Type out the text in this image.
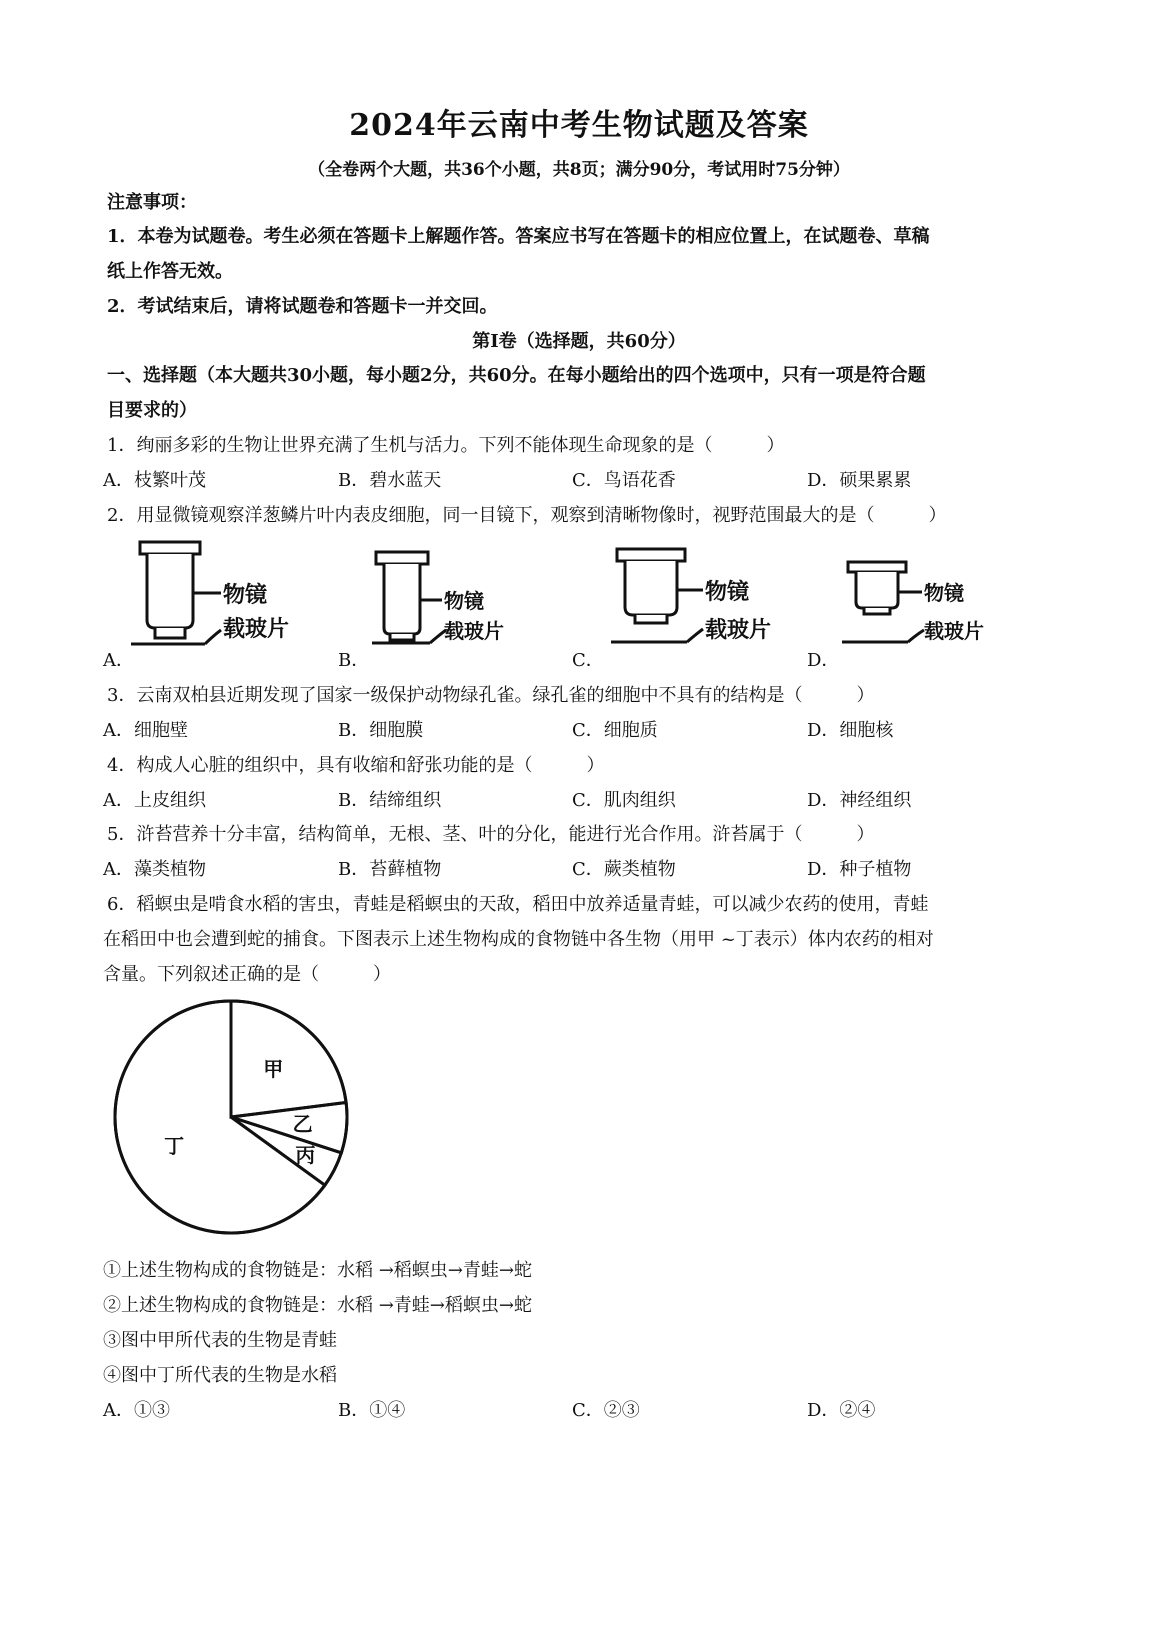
2024年云南中考生物试题及答案
（全卷两个大题，共36个小题，共8页；满分90分，考试用时75分钟）
注意事项：
1．本卷为试题卷。考生必须在答题卡上解题作答。答案应书写在答题卡的相应位置上，在试题卷、草稿
纸上作答无效。
2．考试结束后，请将试题卷和答题卡一并交回。
第Ⅰ卷（选择题，共60分）
一、选择题（本大题共30小题，每小题2分，共60分。在每小题给出的四个选项中，只有一项是符合题
目要求的）
1．绚丽多彩的生物让世界充满了生机与活力。下列不能体现生命现象的是（　　　）
A．枝繁叶茂	B．碧水蓝天	C．鸟语花香	D．硕果累累
2．用显微镜观察洋葱鳞片叶内表皮细胞，同一目镜下，观察到清晰物像时，视野范围最大的是（　　　）
物镜
载玻片
A．
物镜
载玻片
B．
物镜
载玻片
C．
物镜
载玻片
D．
3．云南双柏县近期发现了国家一级保护动物绿孔雀。绿孔雀的细胞中不具有的结构是（　　　）
A．细胞壁	B．细胞膜	C．细胞质	D．细胞核
4．构成人心脏的组织中，具有收缩和舒张功能的是（　　　）
A．上皮组织	B．结缔组织	C．肌肉组织	D．神经组织
5．浒苔营养十分丰富，结构简单，无根、茎、叶的分化，能进行光合作用。浒苔属于（　　　）
A．藻类植物	B．苔藓植物	C．蕨类植物	D．种子植物
6．稻螟虫是啃食水稻的害虫，青蛙是稻螟虫的天敌，稻田中放养适量青蛙，可以减少农药的使用，青蛙
在稻田中也会遭到蛇的捕食。下图表示上述生物构成的食物链中各生物（用甲 ~丁表示）体内农药的相对
含量。下列叙述正确的是（　　　）
甲
乙
丙
丁
①上述生物构成的食物链是：水稻 →稻螟虫→青蛙→蛇
②上述生物构成的食物链是：水稻 →青蛙→稻螟虫→蛇
③图中甲所代表的生物是青蛙
④图中丁所代表的生物是水稻
A．①③	B．①④	C．②③	D．②④
